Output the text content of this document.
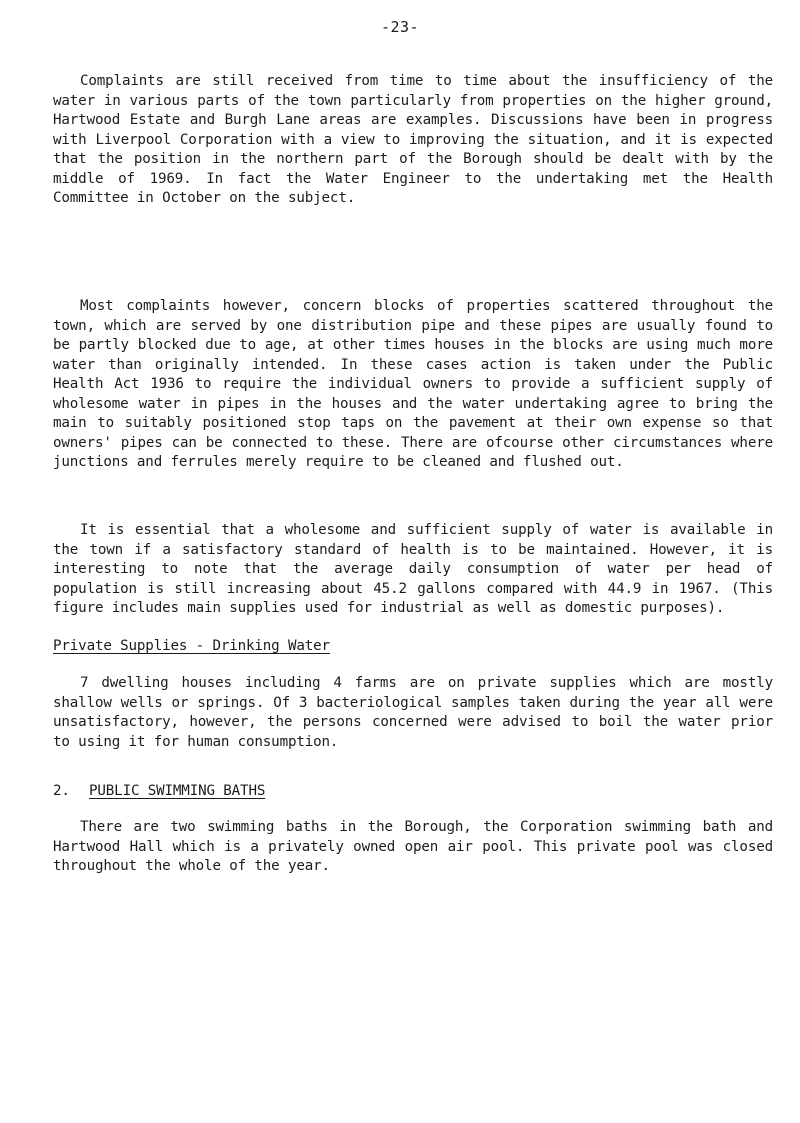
-23-

Complaints are still received from time to time about the insufficiency of the water in various parts of the town particularly from properties on the higher ground, Hartwood Estate and Burgh Lane areas are examples. Discussions have been in progress with Liverpool Corporation with a view to improving the situation, and it is expected that the position in the northern part of the Borough should be dealt with by the middle of 1969. In fact the Water Engineer to the undertaking met the Health Committee in October on the subject.

Most complaints however, concern blocks of properties scattered throughout the town, which are served by one distribution pipe and these pipes are usually found to be partly blocked due to age, at other times houses in the blocks are using much more water than originally intended. In these cases action is taken under the Public Health Act 1936 to require the individual owners to provide a sufficient supply of wholesome water in pipes in the houses and the water undertaking agree to bring the main to suitably positioned stop taps on the pavement at their own expense so that owners' pipes can be connected to these. There are ofcourse other circumstances where junctions and ferrules merely require to be cleaned and flushed out.

It is essential that a wholesome and sufficient supply of water is available in the town if a satisfactory standard of health is to be maintained. However, it is interesting to note that the average daily consumption of water per head of population is still increasing about 45.2 gallons compared with 44.9 in 1967. (This figure includes main supplies used for industrial as well as domestic purposes).

Private Supplies - Drinking Water

7 dwelling houses including 4 farms are on private supplies which are mostly shallow wells or springs. Of 3 bacteriological samples taken during the year all were unsatisfactory, however, the persons concerned were advised to boil the water prior to using it for human consumption.

2. PUBLIC SWIMMING BATHS

There are two swimming baths in the Borough, the Corporation swimming bath and Hartwood Hall which is a privately owned open air pool. This private pool was closed throughout the whole of the year.
